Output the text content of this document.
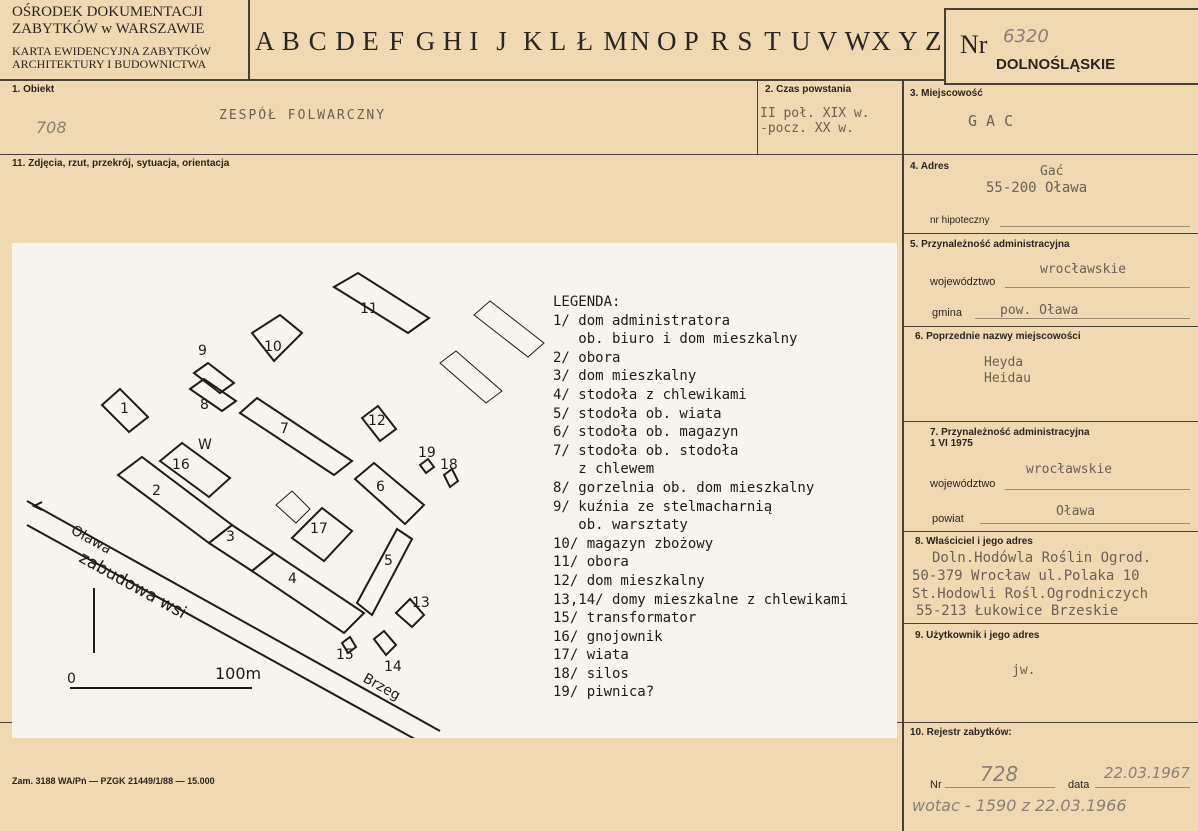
OŚRODEK DOKUMENTACJI
ZABYTKÓW w WARSZAWIE
KARTA EWIDENCYJNA ZABYTKÓW
ARCHITEKTURY I BUDOWNICTWA
A B C D E F G H I J K L Ł M N O P R S T U V W X Y Z Nr 6320
DOLNOŚLĄSKIE
1. Obiekt
ZESPÓŁ FOLWARCZNY
708
2. Czas powstania
II poł. XIX w.
-pocz. XX w.
3. Miejscowość
G A C
11. Zdjęcia, rzut, przekrój, sytuacja, orientacja	4. Adres	Gać
55-200 Oława
nr hipoteczny
5. Przynależność administracyjna
województwo
wrocławskie
gmina	pow. Oława
6. Poprzednie nazwy miejscowości
Heyda
Heidau
7. Przynależność administracyjna
1 VI 1975
województwo
wrocławskie
powiat	Oława
8. Właściciel i jego adres
Doln.Hodówla Roślin Ogrod.
50-379 Wrocław ul.Polaka 10
St.Hodowli Rośl.Ogrodniczych
55-213 Łukowice Brzeskie
9. Użytkownik i jego adres
jw.
10. Rejestr zabytków:
Nr 728	data
22.03.1967
wotac - 1590 z 22.03.1966
Zam. 3188 WA/Pń — PZGK 21449/1/88 — 15.000
11
10
1
9
8
7	12
W
16
19
18
6
2
17
3
5
4
13
15
14
Oława
zabudowa wsi
Brzeg
0	100m
LEGENDA:
1/ dom administratora
ob. biuro i dom mieszkalny
2/ obora
3/ dom mieszkalny
4/ stodoła z chlewikami
5/ stodoła ob. wiata
6/ stodoła ob. magazyn
7/ stodoła ob. stodoła
z chlewem
8/ gorzelnia ob. dom mieszkalny
9/ kuźnia ze stelmacharnią
ob. warsztaty
10/ magazyn zbożowy
11/ obora
12/ dom mieszkalny
13,14/ domy mieszkalne z chlewikami
15/ transformator
16/ gnojownik
17/ wiata
18/ silos
19/ piwnica?
